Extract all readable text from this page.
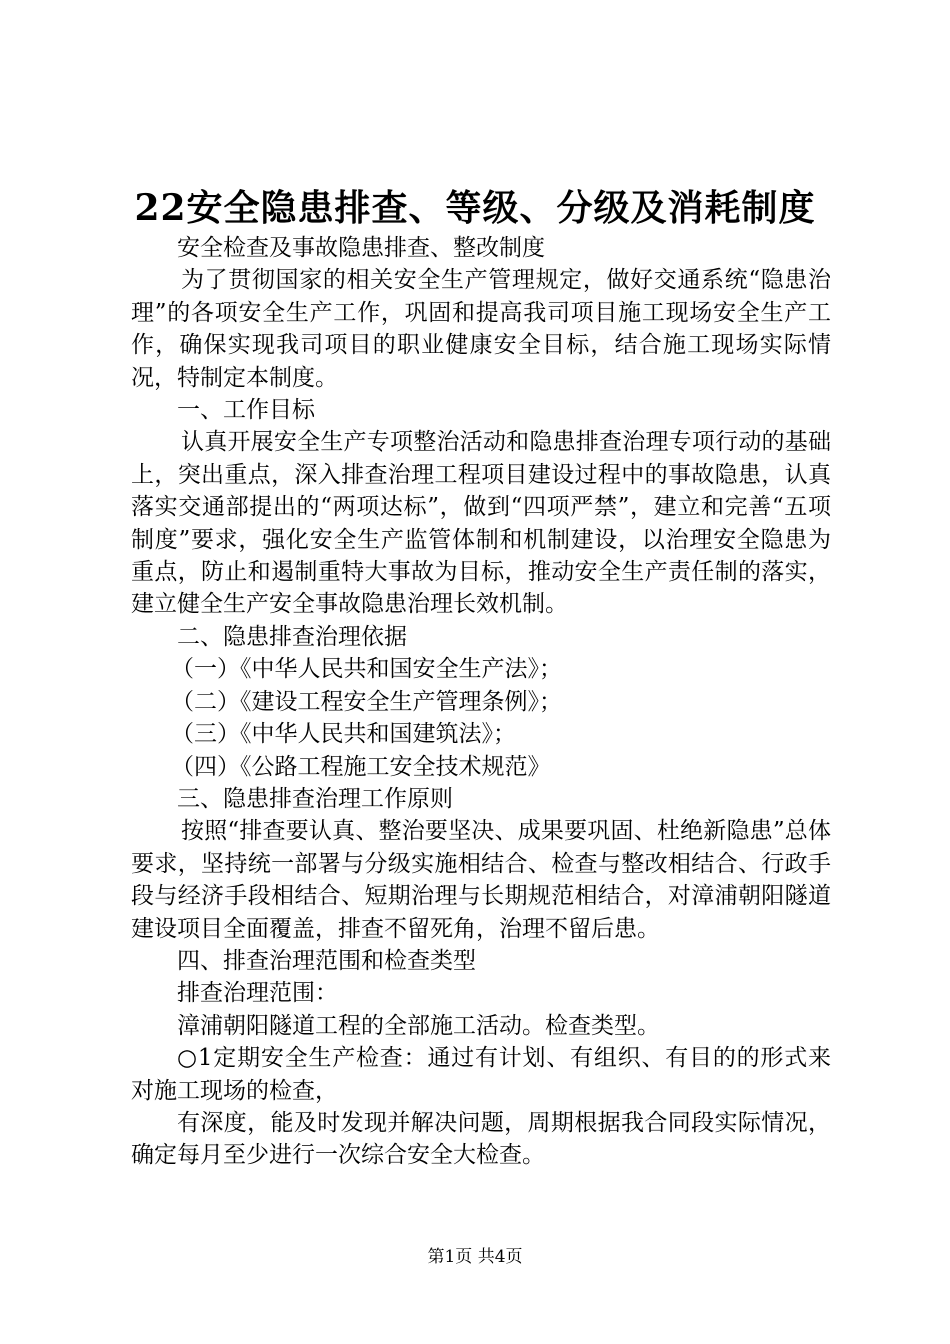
22安全隐患排查、等级、分级及消耗制度

安全检查及事故隐患排查、整改制度

为了贯彻国家的相关安全生产管理规定，做好交通系统“隐患治理”的各项安全生产工作，巩固和提高我司项目施工现场安全生产工作，确保实现我司项目的职业健康安全目标，结合施工现场实际情况，特制定本制度。

一、工作目标

认真开展安全生产专项整治活动和隐患排查治理专项行动的基础上，突出重点，深入排查治理工程项目建设过程中的事故隐患，认真落实交通部提出的“两项达标”，做到“四项严禁”，建立和完善“五项制度”要求，强化安全生产监管体制和机制建设，以治理安全隐患为重点，防止和遏制重特大事故为目标，推动安全生产责任制的落实，建立健全生产安全事故隐患治理长效机制。

二、隐患排查治理依据

（一）《中华人民共和国安全生产法》；

（二）《建设工程安全生产管理条例》；

（三）《中华人民共和国建筑法》；

（四）《公路工程施工安全技术规范》

三、隐患排查治理工作原则

按照“排查要认真、整治要坚决、成果要巩固、杜绝新隐患”总体要求，坚持统一部署与分级实施相结合、检查与整改相结合、行政手段与经济手段相结合、短期治理与长期规范相结合，对漳浦朝阳隧道建设项目全面覆盖，排查不留死角，治理不留后患。

四、排查治理范围和检查类型

排查治理范围：

漳浦朝阳隧道工程的全部施工活动。检查类型。

○1定期安全生产检查：通过有计划、有组织、有目的的形式来对施工现场的检查，

有深度，能及时发现并解决问题，周期根据我合同段实际情况，确定每月至少进行一次综合安全大检查。

第1页 共4页
